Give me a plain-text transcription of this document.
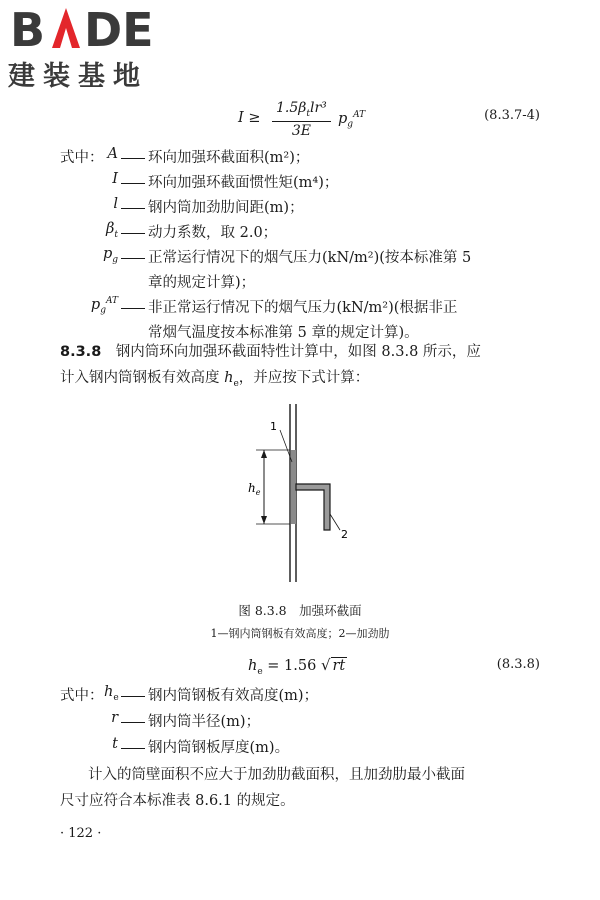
B DE
建装基地
I ≥
$1.5\beta_tlr^3$
3E
$p_g^{AT}$	(8.3.7-4)
式中： A	环向加强环截面积(m²)；
I	环向加强环截面惯性矩(m⁴)；
l	钢内筒加劲肋间距(m)；
$\beta_t$	动力系数，取 2.0；
$p_g$	正常运行情况下的烟气压力(kN/m²)(按本标准第 5
章的规定计算)；
$p_g^{AT}$	非正常运行情况下的烟气压力(kN/m²)(根据非正
常烟气温度按本标准第 5 章的规定计算)。
8.3.8　 钢内筒环向加强环截面特性计算中，如图 8.3.8 所示，应
计入钢内筒钢板有效高度 $h_e$，并应按下式计算：
$h_e$
1
2
图 8.3.8　加强环截面
1—钢内筒钢板有效高度；2—加劲肋
$h_e = 1.56$ √ rt	(8.3.8)
式中： $h_e$	钢内筒钢板有效高度(m)；
r	钢内筒半径(m)；
t	钢内筒钢板厚度(m)。
计入的筒壁面积不应大于加劲肋截面积，且加劲肋最小截面
尺寸应符合本标准表 8.6.1 的规定。
· 122 ·
